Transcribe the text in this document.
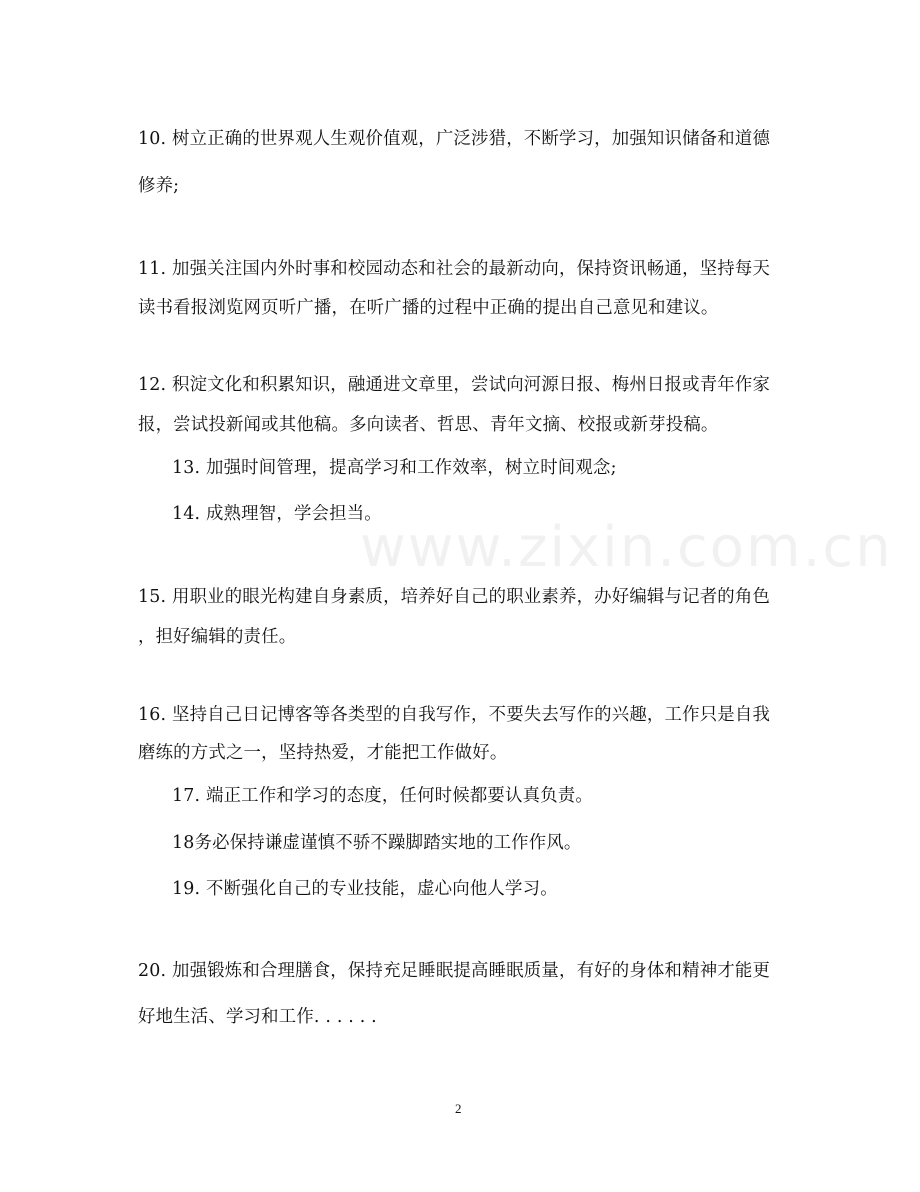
10. 树立正确的世界观人生观价值观，广泛涉猎，不断学习，加强知识储备和道德
修养;
11. 加强关注国内外时事和校园动态和社会的最新动向，保持资讯畅通，坚持每天
读书看报浏览网页听广播，在听广播的过程中正确的提出自己意见和建议。
12. 积淀文化和积累知识，融通进文章里，尝试向河源日报、梅州日报或青年作家
报，尝试投新闻或其他稿。多向读者、哲思、青年文摘、校报或新芽投稿。
13. 加强时间管理，提高学习和工作效率，树立时间观念;
14. 成熟理智，学会担当。
15. 用职业的眼光构建自身素质，培养好自己的职业素养，办好编辑与记者的角色
，担好编辑的责任。
16. 坚持自己日记博客等各类型的自我写作，不要失去写作的兴趣，工作只是自我
磨练的方式之一，坚持热爱，才能把工作做好。
17. 端正工作和学习的态度，任何时候都要认真负责。
18务必保持谦虚谨慎不骄不躁脚踏实地的工作作风。
19. 不断强化自己的专业技能，虚心向他人学习。
20. 加强锻炼和合理膳食，保持充足睡眠提高睡眠质量，有好的身体和精神才能更
好地生活、学习和工作. . . . . .
www.zixin.com.cn
2
